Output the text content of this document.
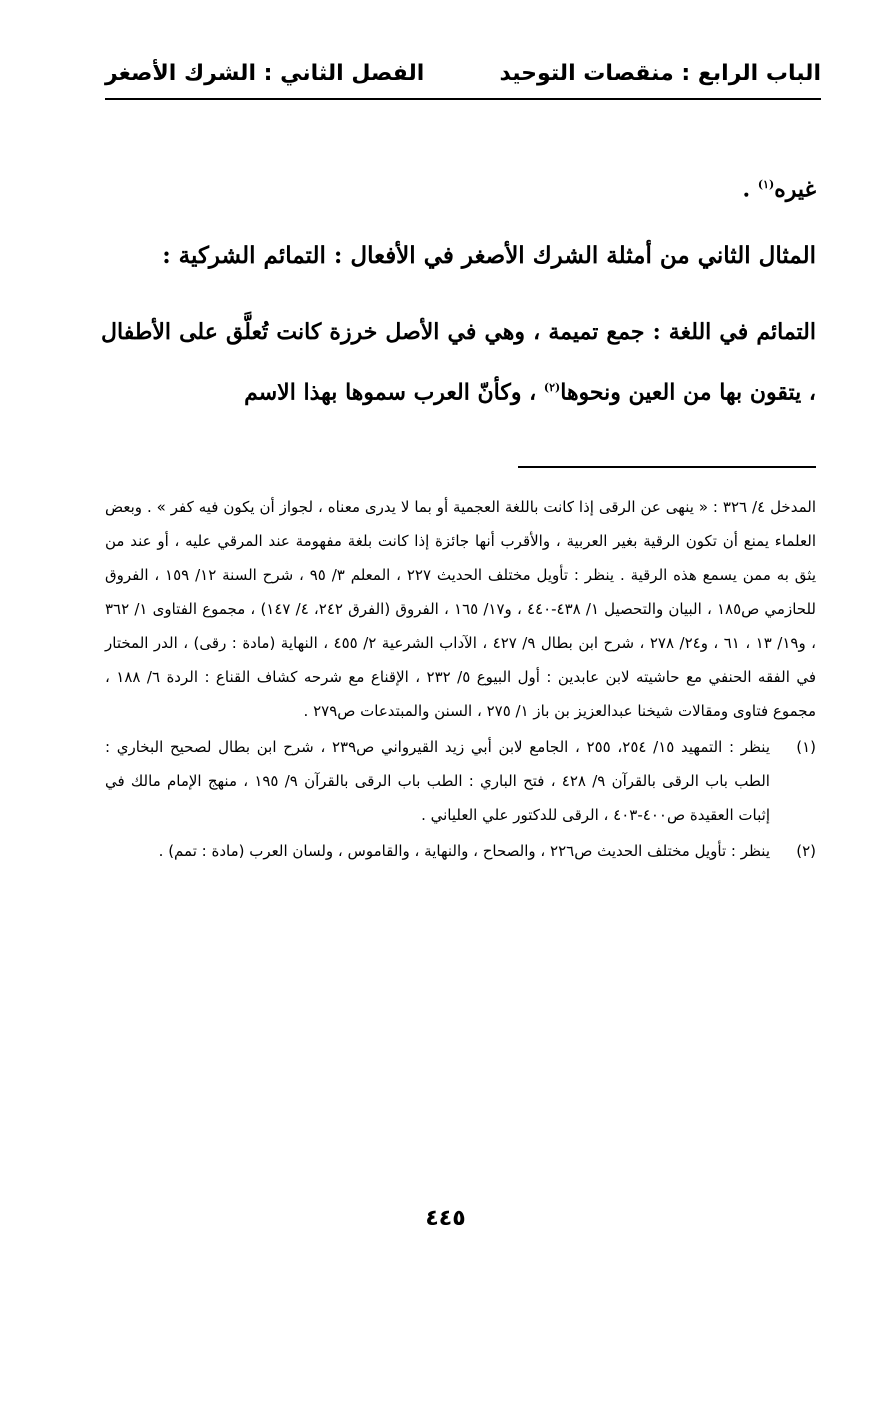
الباب الرابع : منقصات التوحيد
الفصل الثاني : الشرك الأصغر
غيره$^{(١)}$ .
المثال الثاني من أمثلة الشرك الأصغر في الأفعال : التمائم الشركية :
التمائم في اللغة : جمع تميمة ، وهي في الأصل خرزة كانت تُعلَّق على الأطفال ، يتقون بها من العين ونحوها$^{(٢)}$ ، وكأنّ العرب سموها بهذا الاسم

المدخل ٤/ ٣٢٦ : « ينهى عن الرقى إذا كانت باللغة العجمية أو بما لا يدرى معناه ، لجواز أن يكون فيه كفر » . وبعض العلماء يمنع أن تكون الرقية بغير العربية ، والأقرب أنها جائزة إذا كانت بلغة مفهومة عند المرقي عليه ، أو عند من يثق به ممن يسمع هذه الرقية . ينظر : تأويل مختلف الحديث ٢٢٧ ، المعلم ٣/ ٩٥ ، شرح السنة ١٢/ ١٥٩ ، الفروق للحازمي ص١٨٥ ، البيان والتحصيل ١/ ٤٣٨-٤٤٠ ، و١٧/ ١٦٥ ، الفروق (الفرق ٢٤٢، ٤/ ١٤٧) ، مجموع الفتاوى ١/ ٣٦٢ ، و١٩/ ١٣ ، ٦١ ، و٢٤/ ٢٧٨ ، شرح ابن بطال ٩/ ٤٢٧ ، الآداب الشرعية ٢/ ٤٥٥ ، النهاية (مادة : رقى) ، الدر المختار في الفقه الحنفي مع حاشيته لابن عابدين : أول البيوع ٥/ ٢٣٢ ، الإقناع مع شرحه كشاف القناع : الردة ٦/ ١٨٨ ، مجموع فتاوى ومقالات شيخنا عبدالعزيز بن باز ١/ ٢٧٥ ، السنن والمبتدعات ص٢٧٩ .

(١)
ينظر : التمهيد ١٥/ ٢٥٤، ٢٥٥ ، الجامع لابن أبي زيد القيرواني ص٢٣٩ ، شرح ابن بطال لصحيح البخاري : الطب باب الرقى بالقرآن ٩/ ٤٢٨ ، فتح الباري : الطب باب الرقى بالقرآن ٩/ ١٩٥ ، منهج الإمام مالك في إثبات العقيدة ص٤٠٠-٤٠٣ ، الرقى للدكتور علي العلياني .
(٢)
ينظر : تأويل مختلف الحديث ص٢٢٦ ، والصحاح ، والنهاية ، والقاموس ، ولسان العرب (مادة : تمم) .
٤٤٥
